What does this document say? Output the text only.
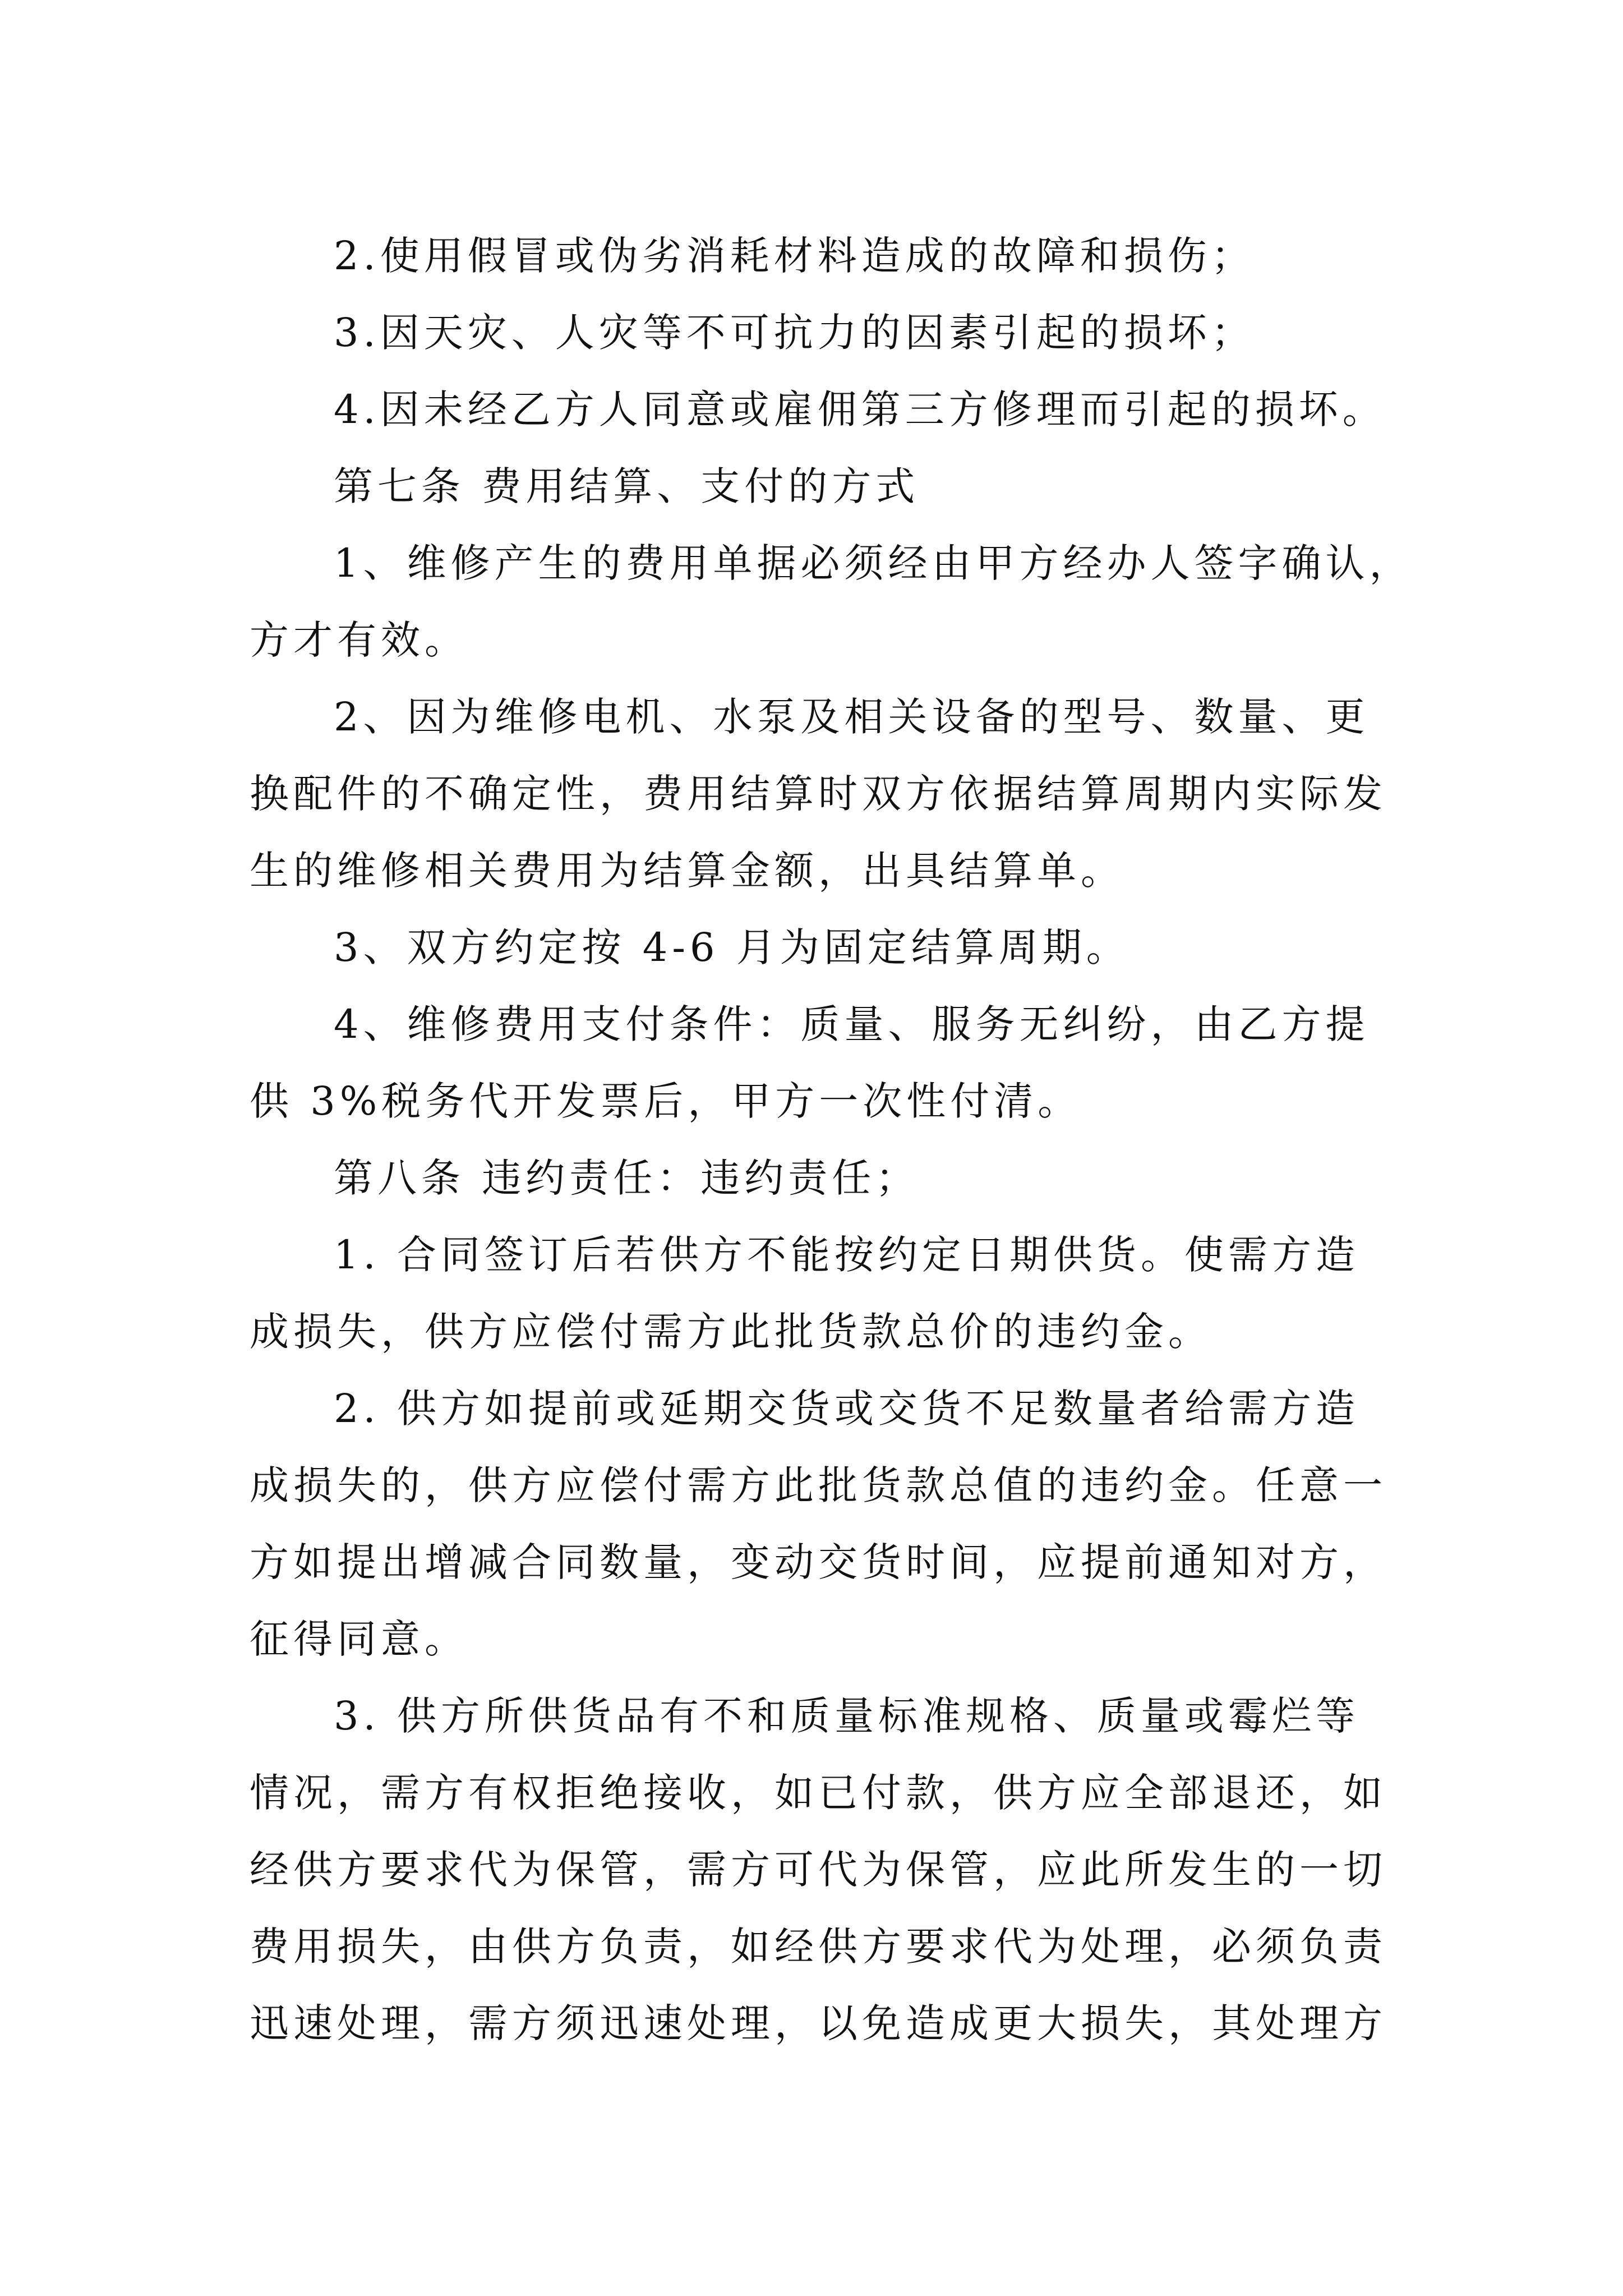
2.使用假冒或伪劣消耗材料造成的故障和损伤；

3.因天灾、人灾等不可抗力的因素引起的损坏；

4.因未经乙方人同意或雇佣第三方修理而引起的损坏。

第七条 费用结算、支付的方式

1、维修产生的费用单据必须经由甲方经办人签字确认，

方才有效。

2、因为维修电机、水泵及相关设备的型号、数量、更

换配件的不确定性，费用结算时双方依据结算周期内实际发

生的维修相关费用为结算金额，出具结算单。

3、双方约定按 4-6 月为固定结算周期。

4、维修费用支付条件：质量、服务无纠纷，由乙方提

供 3%税务代开发票后，甲方一次性付清。

第八条 违约责任：违约责任；

1. 合同签订后若供方不能按约定日期供货。使需方造

成损失，供方应偿付需方此批货款总价的违约金。

2. 供方如提前或延期交货或交货不足数量者给需方造

成损失的，供方应偿付需方此批货款总值的违约金。任意一

方如提出增减合同数量，变动交货时间，应提前通知对方，

征得同意。

3. 供方所供货品有不和质量标准规格、质量或霉烂等

情况，需方有权拒绝接收，如已付款，供方应全部退还，如

经供方要求代为保管，需方可代为保管，应此所发生的一切

费用损失，由供方负责，如经供方要求代为处理，必须负责

迅速处理，需方须迅速处理，以免造成更大损失，其处理方
